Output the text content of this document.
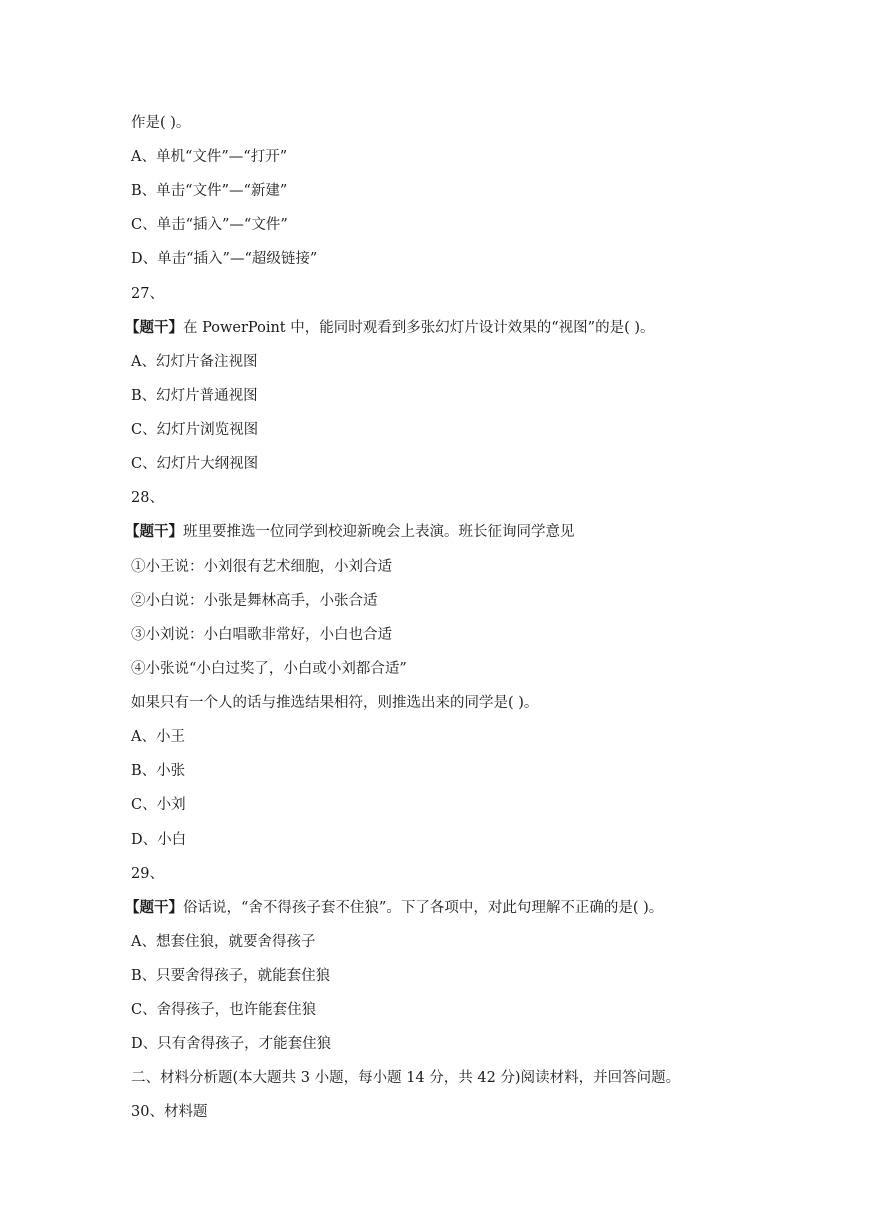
作是( )。
A、单机“文件”—“打开”
B、单击“文件”—“新建”
C、单击“插入”—“文件”
D、单击“插入”—“超级链接”
27、
【题干】在 PowerPoint 中，能同时观看到多张幻灯片设计效果的“视图”的是( )。
A、幻灯片备注视图
B、幻灯片普通视图
C、幻灯片浏览视图
C、幻灯片大纲视图
28、
【题干】班里要推选一位同学到校迎新晚会上表演。班长征询同学意见
①小王说：小刘很有艺术细胞，小刘合适
②小白说：小张是舞林高手，小张合适
③小刘说：小白唱歌非常好，小白也合适
④小张说“小白过奖了，小白或小刘都合适”
如果只有一个人的话与推选结果相符，则推选出来的同学是( )。
A、小王
B、小张
C、小刘
D、小白
29、
【题干】俗话说，“舍不得孩子套不住狼”。下了各项中，对此句理解不正确的是( )。
A、想套住狼，就要舍得孩子
B、只要舍得孩子，就能套住狼
C、舍得孩子，也许能套住狼
D、只有舍得孩子，才能套住狼
二、材料分析题(本大题共 3 小题，每小题 14 分，共 42 分)阅读材料，并回答问题。
30、材料题
